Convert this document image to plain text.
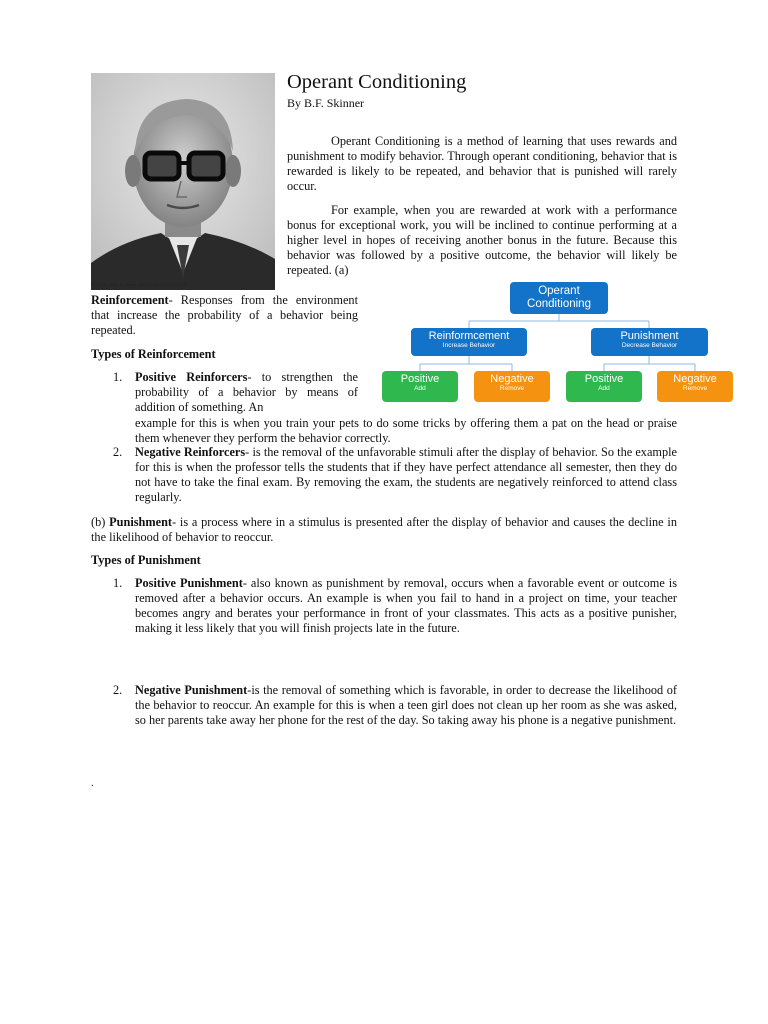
©2016 [PD] © www.allenpublications.com
Operant Conditioning
By B.F. Skinner

Operant Conditioning is a method of learning that uses rewards and punishment to modify behavior. Through operant conditioning, behavior that is rewarded is likely to be repeated, and behavior that is punished will rarely occur.

For example, when you are rewarded at work with a performance bonus for exceptional work, you will be inclined to continue performing at a higher level in hopes of receiving another bonus in the future. Because this behavior was followed by a positive outcome, the behavior will likely be repeated. (a)

Reinforcement- Responses from the environment that increase the probability of a behavior being repeated.

Operant
Conditioning
Reinformcement
Increase Behavior
Punishment
Decrease Behavior
Positive
Add
Negative
Remove
Positive
Add
Negative
Remove
Types of Reinforcement
1. Positive Reinforcers- to strengthen the probability of a behavior by means of addition of something. An

example for this is when you train your pets to do some tricks by offering them a pat on the head or praise them whenever they perform the behavior correctly.

2. Negative Reinforcers- is the removal of the unfavorable stimuli after the display of behavior. So the example for this is when the professor tells the students that if they have perfect attendance all semester, then they do not have to take the final exam. By removing the exam, the students are negatively reinforced to attend class regularly.

(b) Punishment- is a process where in a stimulus is presented after the display of behavior and causes the decline in the likelihood of behavior to reoccur.

Types of Punishment
1. Positive Punishment- also known as punishment by removal, occurs when a favorable event or outcome is removed after a behavior occurs. An example is when you fail to hand in a project on time, your teacher becomes angry and berates your performance in front of your classmates. This acts as a positive punisher, making it less likely that you will finish projects late in the future.

2. Negative Punishment-is the removal of something which is favorable, in order to decrease the likelihood of the behavior to reoccur. An example for this is when a teen girl does not clean up her room as she was asked, so her parents take away her phone for the rest of the day. So taking away his phone is a negative punishment.

.
